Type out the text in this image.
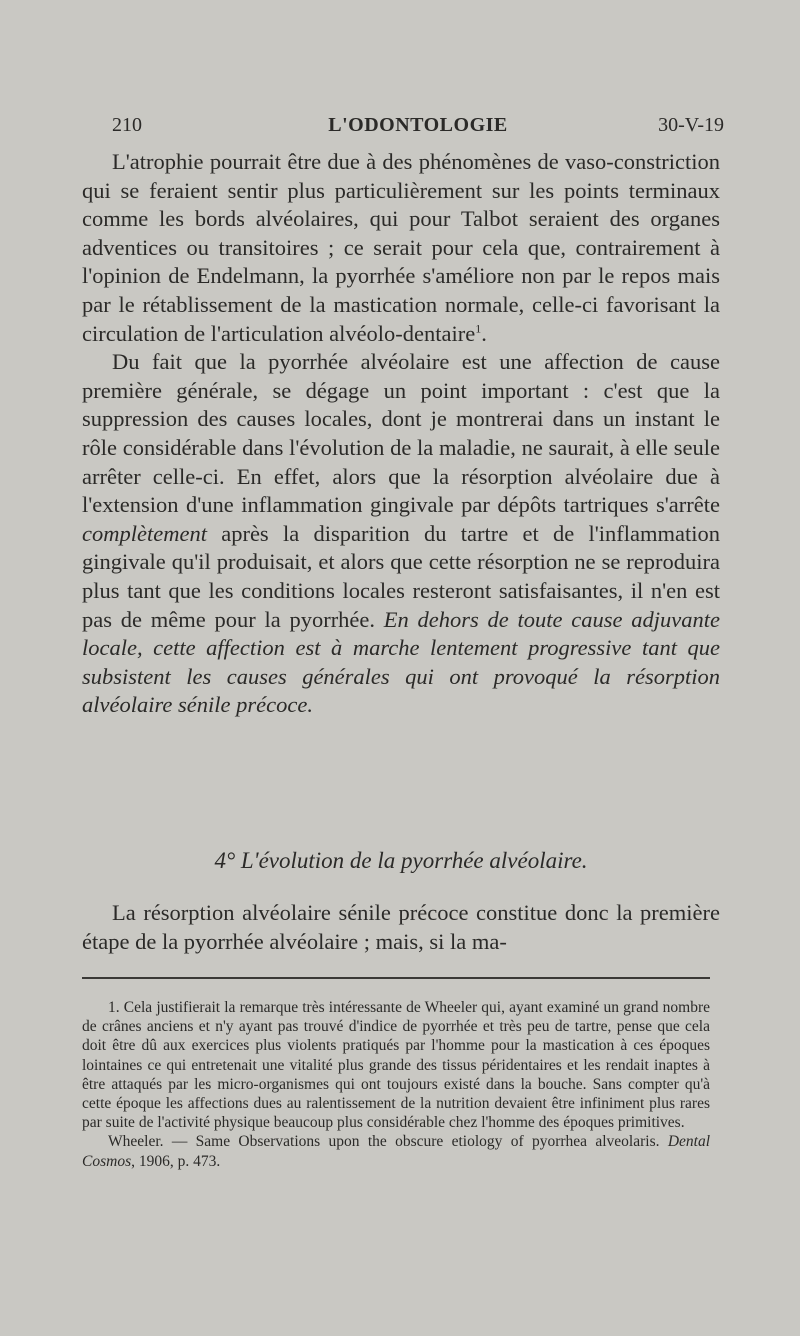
210	L'ODONTOLOGIE	30-V-19

L'atrophie pourrait être due à des phénomènes de vaso-constriction qui se feraient sentir plus particulièrement sur les points terminaux comme les bords alvéolaires, qui pour Talbot seraient des organes adventices ou transitoires ; ce serait pour cela que, contrairement à l'opinion de Endelmann, la pyorrhée s'améliore non par le repos mais par le rétablissement de la mastication normale, celle-ci favorisant la circulation de l'articulation alvéolo-dentaire$^1$.

Du fait que la pyorrhée alvéolaire est une affection de cause première générale, se dégage un point important : c'est que la suppression des causes locales, dont je montrerai dans un instant le rôle considérable dans l'évolution de la maladie, ne saurait, à elle seule arrêter celle-ci. En effet, alors que la résorption alvéolaire due à l'extension d'une inflammation gingivale par dépôts tartriques s'arrête complètement après la disparition du tartre et de l'inflammation gingivale qu'il produisait, et alors que cette résorption ne se reproduira plus tant que les conditions locales resteront satisfaisantes, il n'en est pas de même pour la pyorrhée. En dehors de toute cause adjuvante locale, cette affection est à marche lentement progressive tant que subsistent les causes générales qui ont provoqué la résorption alvéolaire sénile précoce.

4° L'évolution de la pyorrhée alvéolaire.

La résorption alvéolaire sénile précoce constitue donc la première étape de la pyorrhée alvéolaire ; mais, si la ma-

1. Cela justifierait la remarque très intéressante de Wheeler qui, ayant examiné un grand nombre de crânes anciens et n'y ayant pas trouvé d'indice de pyorrhée et très peu de tartre, pense que cela doit être dû aux exercices plus violents pratiqués par l'homme pour la mastication à ces époques lointaines ce qui entretenait une vitalité plus grande des tissus péridentaires et les rendait inaptes à être attaqués par les micro-organismes qui ont toujours existé dans la bouche. Sans compter qu'à cette époque les affections dues au ralentissement de la nutrition devaient être infiniment plus rares par suite de l'activité physique beaucoup plus considérable chez l'homme des époques primitives.

Wheeler. — Same Observations upon the obscure etiology of pyorrhea alveolaris. Dental Cosmos, 1906, p. 473.
